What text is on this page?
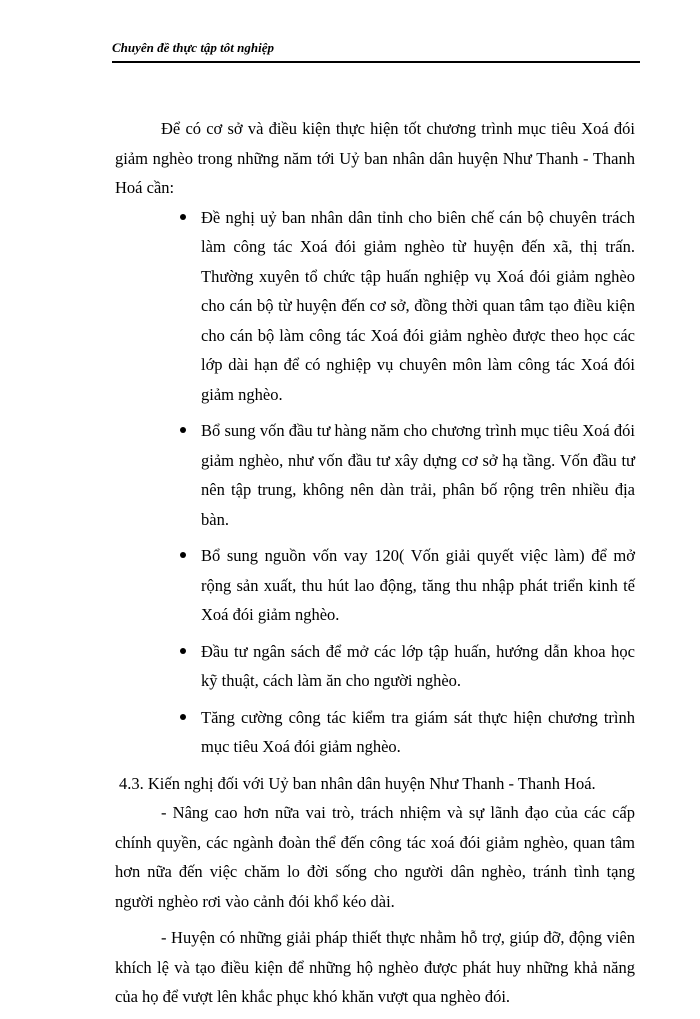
Chuyên đề thực tập tôt nghiệp

Để có cơ sở và điều kiện thực hiện tốt chương trình mục tiêu Xoá đói giảm nghèo trong những năm tới Uỷ ban nhân dân huyện Như Thanh - Thanh Hoá cần:

Đề nghị uỷ ban nhân dân tỉnh cho biên chế cán bộ chuyên trách làm công tác Xoá đói giảm nghèo từ huyện đến xã, thị trấn. Thường xuyên tổ chức tập huấn nghiệp vụ Xoá đói giảm nghèo cho cán bộ từ huyện đến cơ sở, đồng thời quan tâm tạo điều kiện cho cán bộ làm công tác Xoá đói giảm nghèo được theo học các lớp dài hạn để có nghiệp vụ chuyên môn làm công tác Xoá đói giảm nghèo.
Bổ sung vốn đầu tư hàng năm cho chương trình mục tiêu Xoá đói giảm nghèo, như vốn đầu tư xây dựng cơ sở hạ tầng. Vốn đầu tư nên tập trung, không nên dàn trải, phân bố rộng trên nhiều địa bàn.
Bổ sung nguồn vốn vay 120( Vốn giải quyết việc làm) để mở rộng sản xuất, thu hút lao động, tăng thu nhập phát triển kinh tế Xoá đói giảm nghèo.
Đầu tư ngân sách để mở các lớp tập huấn, hướng dẫn khoa học kỹ thuật, cách làm ăn cho người nghèo.
Tăng cường công tác kiểm tra giám sát thực hiện chương trình mục tiêu Xoá đói giảm nghèo.

4.3. Kiến nghị đối với Uỷ ban nhân dân huyện Như Thanh - Thanh Hoá.

- Nâng cao hơn nữa vai trò, trách nhiệm và sự lãnh đạo của các cấp chính quyền, các ngành đoàn thể đến công tác xoá đói giảm nghèo, quan tâm hơn nữa đến việc chăm lo đời sống cho người dân nghèo, tránh tình tạng người nghèo rơi vào cảnh đói khổ kéo dài.

- Huyện có những giải pháp thiết thực nhằm hỗ trợ, giúp đỡ, động viên khích lệ và tạo điều kiện để những hộ nghèo được phát huy những khả năng của họ để vượt lên khắc phục khó khăn vượt qua nghèo đói.
